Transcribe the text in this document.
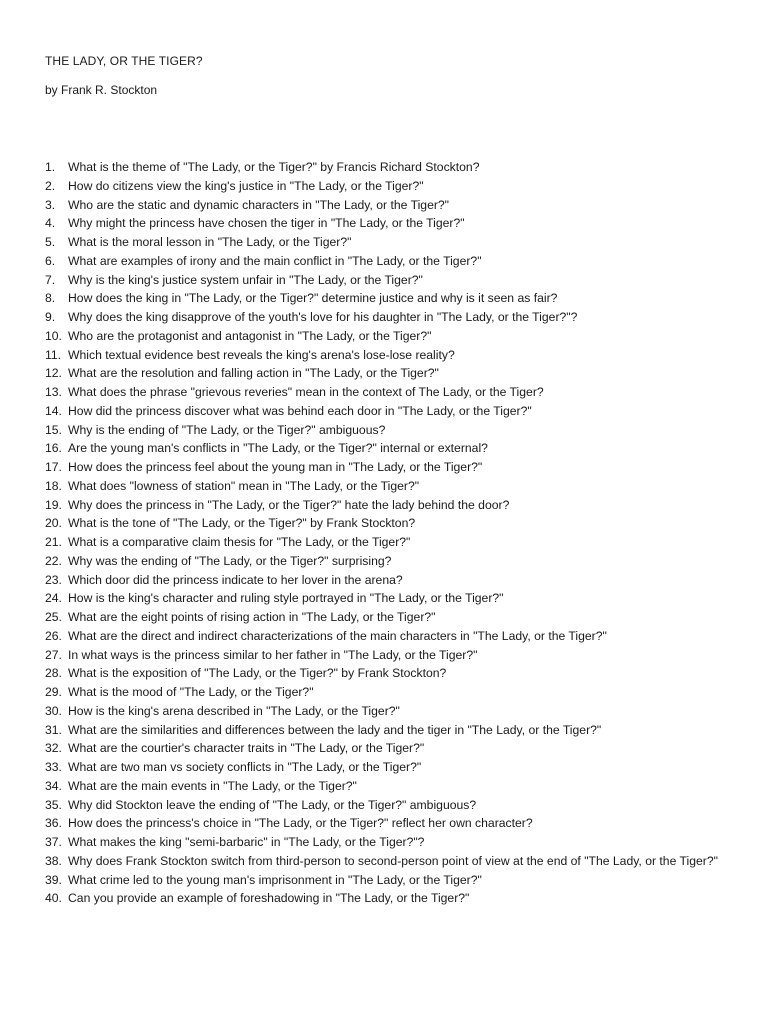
THE LADY, OR THE TIGER?

by Frank R. Stockton

1.	What is the theme of "The Lady, or the Tiger?" by Francis Richard Stockton?
2.	How do citizens view the king's justice in "The Lady, or the Tiger?"
3.	Who are the static and dynamic characters in "The Lady, or the Tiger?"
4.	Why might the princess have chosen the tiger in "The Lady, or the Tiger?"
5.	What is the moral lesson in "The Lady, or the Tiger?"
6.	What are examples of irony and the main conflict in "The Lady, or the Tiger?"
7.	Why is the king's justice system unfair in "The Lady, or the Tiger?"
8.	How does the king in "The Lady, or the Tiger?" determine justice and why is it seen as fair?
9.	Why does the king disapprove of the youth's love for his daughter in "The Lady, or the Tiger?"?
10. Who are the protagonist and antagonist in "The Lady, or the Tiger?"
11. Which textual evidence best reveals the king's arena's lose-lose reality?
12. What are the resolution and falling action in "The Lady, or the Tiger?"
13. What does the phrase "grievous reveries" mean in the context of The Lady, or the Tiger?
14. How did the princess discover what was behind each door in "The Lady, or the Tiger?"
15. Why is the ending of "The Lady, or the Tiger?" ambiguous?
16. Are the young man's conflicts in "The Lady, or the Tiger?" internal or external?
17. How does the princess feel about the young man in "The Lady, or the Tiger?"
18. What does "lowness of station" mean in "The Lady, or the Tiger?"
19. Why does the princess in "The Lady, or the Tiger?" hate the lady behind the door?
20. What is the tone of "The Lady, or the Tiger?" by Frank Stockton?
21. What is a comparative claim thesis for "The Lady, or the Tiger?"
22. Why was the ending of "The Lady, or the Tiger?" surprising?
23. Which door did the princess indicate to her lover in the arena?
24. How is the king's character and ruling style portrayed in "The Lady, or the Tiger?"
25. What are the eight points of rising action in "The Lady, or the Tiger?"
26. What are the direct and indirect characterizations of the main characters in "The Lady, or the Tiger?"
27. In what ways is the princess similar to her father in "The Lady, or the Tiger?"
28. What is the exposition of "The Lady, or the Tiger?" by Frank Stockton?
29. What is the mood of "The Lady, or the Tiger?"
30. How is the king's arena described in "The Lady, or the Tiger?"
31. What are the similarities and differences between the lady and the tiger in "The Lady, or the Tiger?"
32. What are the courtier's character traits in "The Lady, or the Tiger?"
33. What are two man vs society conflicts in "The Lady, or the Tiger?"
34. What are the main events in "The Lady, or the Tiger?"
35. Why did Stockton leave the ending of "The Lady, or the Tiger?" ambiguous?
36. How does the princess's choice in "The Lady, or the Tiger?" reflect her own character?
37. What makes the king "semi-barbaric" in "The Lady, or the Tiger?"?
38. Why does Frank Stockton switch from third-person to second-person point of view at the end of "The Lady, or the Tiger?"
39. What crime led to the young man's imprisonment in "The Lady, or the Tiger?"
40. Can you provide an example of foreshadowing in "The Lady, or the Tiger?"
